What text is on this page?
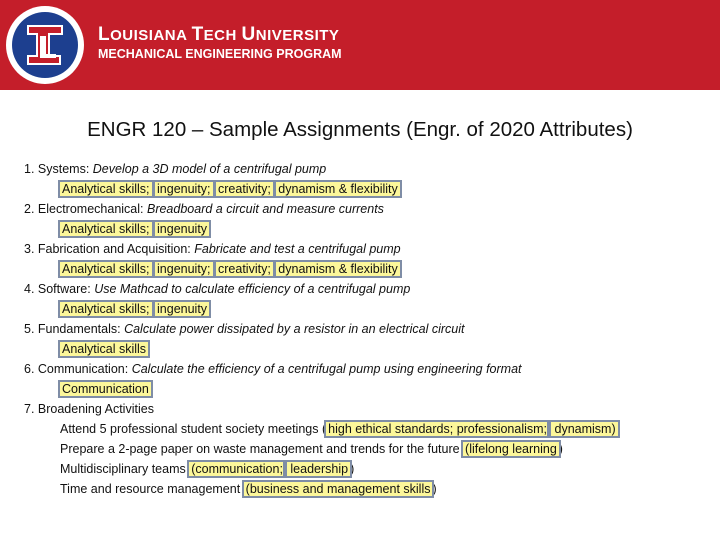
LOUISIANA TECH UNIVERSITY
MECHANICAL ENGINEERING PROGRAM
ENGR 120 – Sample Assignments (Engr. of 2020 Attributes)
1. Systems: Develop a 3D model of a centrifugal pump
Analytical skills; ingenuity; creativity; dynamism & flexibility
2. Electromechanical: Breadboard a circuit and measure currents
Analytical skills; ingenuity
3. Fabrication and Acquisition: Fabricate and test a centrifugal pump
Analytical skills; ingenuity; creativity; dynamism & flexibility
4. Software: Use Mathcad to calculate efficiency of a centrifugal pump
Analytical skills; ingenuity
5. Fundamentals: Calculate power dissipated by a resistor in an electrical circuit
Analytical skills
6. Communication: Calculate the efficiency of a centrifugal pump using engineering format
Communication
7. Broadening Activities
Attend 5 professional student society meetings ( high ethical standards; professionalism; dynamism)
Prepare a 2-page paper on waste management and trends for the future (lifelong learning )
Multidisciplinary teams (communication; leadership )
Time and resource management (business and management skills )
